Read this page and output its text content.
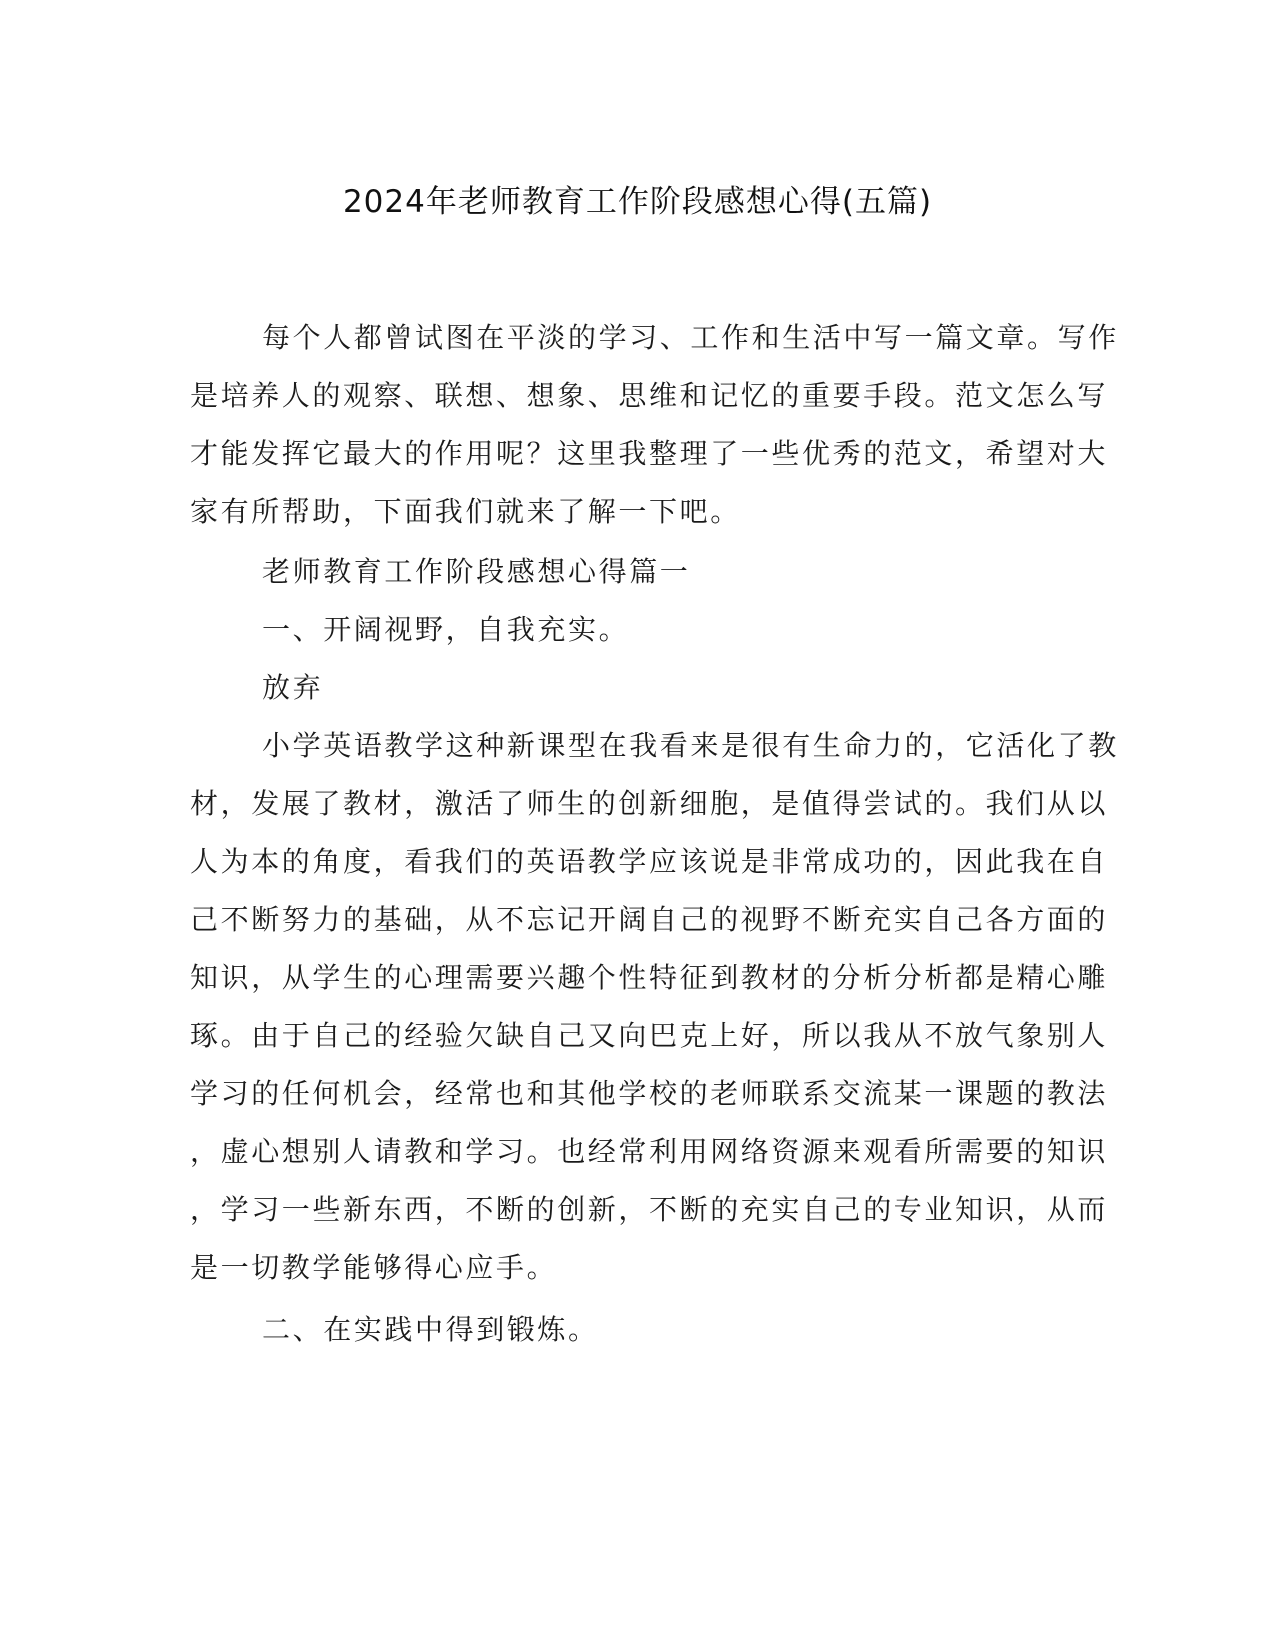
2024年老师教育工作阶段感想心得(五篇)
每个人都曾试图在平淡的学习、工作和生活中写一篇文章。写作
是培养人的观察、联想、想象、思维和记忆的重要手段。范文怎么写
才能发挥它最大的作用呢？这里我整理了一些优秀的范文，希望对大
家有所帮助，下面我们就来了解一下吧。
老师教育工作阶段感想心得篇一
一、开阔视野，自我充实。
放弃
小学英语教学这种新课型在我看来是很有生命力的，它活化了教
材，发展了教材，激活了师生的创新细胞，是值得尝试的。我们从以
人为本的角度，看我们的英语教学应该说是非常成功的，因此我在自
己不断努力的基础，从不忘记开阔自己的视野不断充实自己各方面的
知识，从学生的心理需要兴趣个性特征到教材的分析分析都是精心雕
琢。由于自己的经验欠缺自己又向巴克上好，所以我从不放气象别人
学习的任何机会，经常也和其他学校的老师联系交流某一课题的教法
，虚心想别人请教和学习。也经常利用网络资源来观看所需要的知识
，学习一些新东西，不断的创新，不断的充实自己的专业知识，从而
是一切教学能够得心应手。
二、在实践中得到锻炼。
